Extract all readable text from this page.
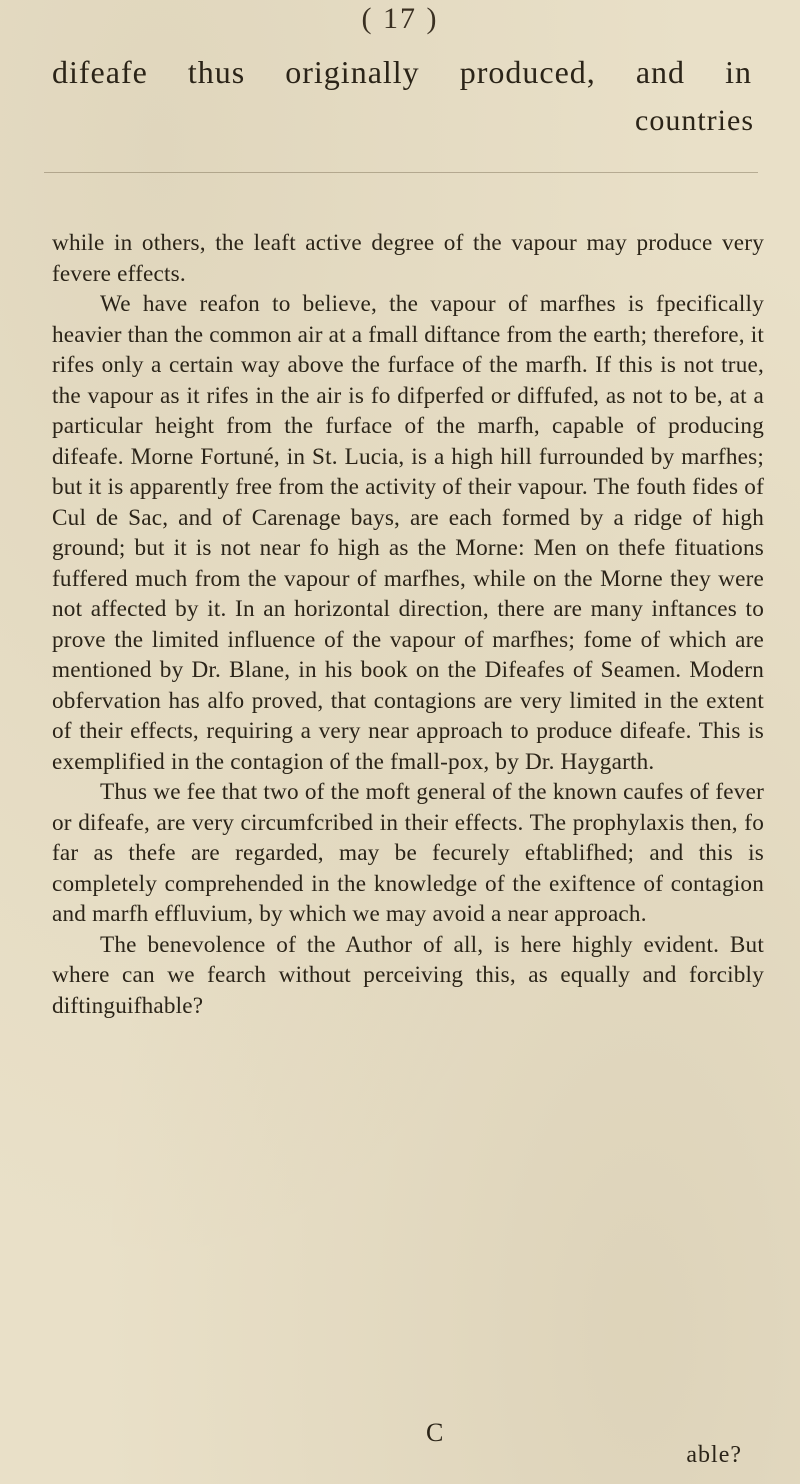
( 17 )
difeafe thus originally produced, and in
countries

while in others, the leaft active degree of the vapour may produce very fevere effects.

We have reafon to believe, the vapour of marfhes is fpecifically heavier than the common air at a fmall diftance from the earth; therefore, it rifes only a certain way above the furface of the marfh. If this is not true, the vapour as it rifes in the air is fo difperfed or diffufed, as not to be, at a particular height from the furface of the marfh, capable of producing difeafe. Morne Fortuné, in St. Lucia, is a high hill furrounded by marfhes; but it is apparently free from the activity of their vapour. The fouth fides of Cul de Sac, and of Carenage bays, are each formed by a ridge of high ground; but it is not near fo high as the Morne: Men on thefe fituations fuffered much from the vapour of marfhes, while on the Morne they were not affected by it. In an horizontal direction, there are many inftances to prove the limited influence of the vapour of marfhes; fome of which are mentioned by Dr. Blane, in his book on the Difeafes of Seamen. Modern obfervation has alfo proved, that contagions are very limited in the extent of their effects, requiring a very near approach to produce difeafe. This is exemplified in the contagion of the fmall-pox, by Dr. Haygarth.

Thus we fee that two of the moft general of the known caufes of fever or difeafe, are very circumfcribed in their effects. The prophylaxis then, fo far as thefe are regarded, may be fecurely eftablifhed; and this is completely comprehended in the knowledge of the exiftence of contagion and marfh effluvium, by which we may avoid a near approach.

The benevolence of the Author of all, is here highly evident. But where can we fearch without perceiving this, as equally and forcibly diftinguifhable?

C
able?
